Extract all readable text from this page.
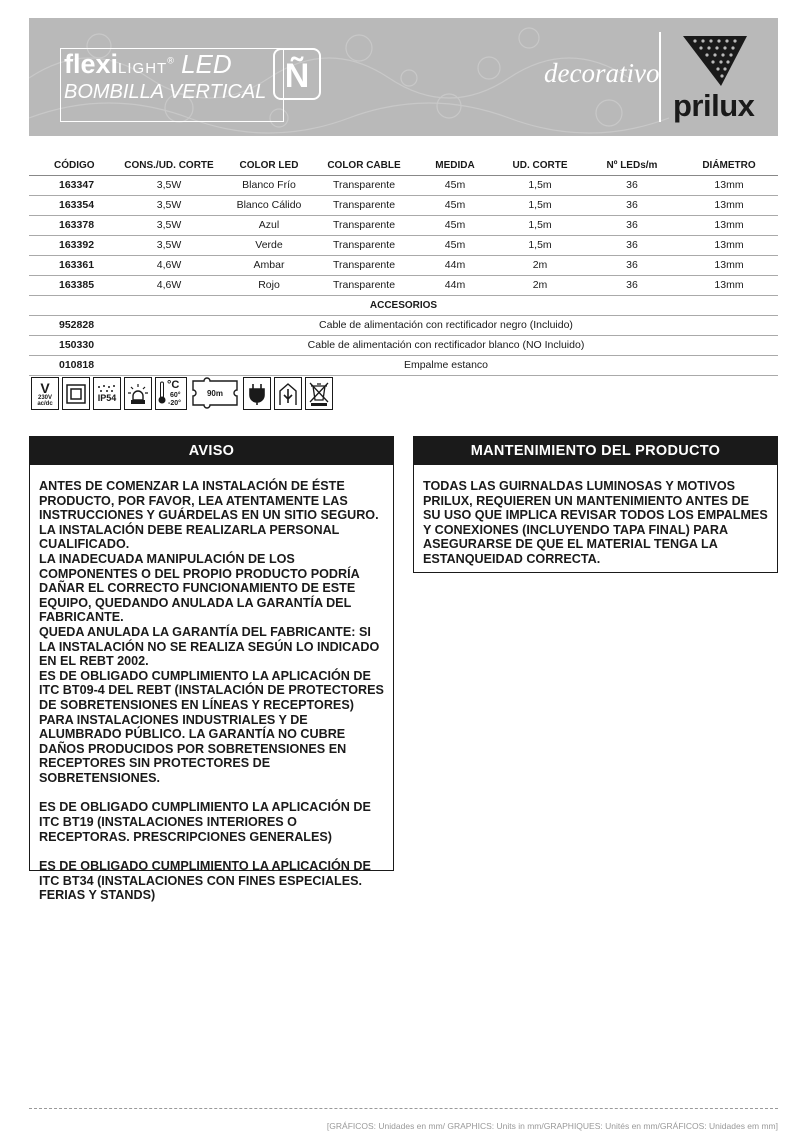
flexiLIGHT® LED
BOMBILLA VERTICAL Ñ	decorativo
prilux
CÓDIGO	CONS./UD. CORTE	COLOR LED	COLOR CABLE	MEDIDA	UD. CORTE	Nº LEDs/m	DIÁMETRO
163347	3,5W	Blanco Frío	Transparente	45m	1,5m	36	13mm
163354	3,5W	Blanco Cálido	Transparente	45m	1,5m	36	13mm
163378	3,5W	Azul	Transparente	45m	1,5m	36	13mm
163392	3,5W	Verde	Transparente	45m	1,5m	36	13mm
163361	4,6W	Ambar	Transparente	44m	2m	36	13mm
163385	4,6W	Rojo	Transparente	44m	2m	36	13mm
ACCESORIOS							
952828	Cable de alimentación con rectificador negro (Incluido)						
150330	Cable de alimentación con rectificador blanco (NO Incluido)						
010818	Empalme estanco						
V
230V
ac/dc
IP54
°C
60°
-20°
90m
AVISO

ANTES DE COMENZAR LA INSTALACIÓN DE ÉSTE PRODUCTO, POR FAVOR, LEA ATENTAMENTE LAS INSTRUCCIONES Y GUÁRDELAS EN UN SITIO SEGURO.

LA INSTALACIÓN DEBE REALIZARLA PERSONAL CUALIFICADO.

LA INADECUADA MANIPULACIÓN DE LOS COMPONENTES O DEL PROPIO PRODUCTO PODRÍA DAÑAR EL CORRECTO FUNCIONAMIENTO DE ESTE EQUIPO, QUEDANDO ANULADA LA GARANTÍA DEL FABRICANTE.

QUEDA ANULADA LA GARANTÍA DEL FABRICANTE: SI LA INSTALACIÓN NO SE REALIZA SEGÚN LO INDICADO EN EL REBT 2002.

ES DE OBLIGADO CUMPLIMIENTO LA APLICACIÓN DE ITC BT09-4 DEL REBT (INSTALACIÓN DE PROTECTORES DE SOBRETENSIONES EN LÍNEAS Y RECEPTORES) PARA INSTALACIONES INDUSTRIALES Y DE ALUMBRADO PÚBLICO. LA GARANTÍA NO CUBRE DAÑOS PRODUCIDOS POR SOBRETENSIONES EN RECEPTORES SIN PROTECTORES DE SOBRETENSIONES.

ES DE OBLIGADO CUMPLIMIENTO LA APLICACIÓN DE ITC BT19 (INSTALACIONES INTERIORES O RECEPTORAS. PRESCRIPCIONES GENERALES)

ES DE OBLIGADO CUMPLIMIENTO LA APLICACIÓN DE ITC BT34 (INSTALACIONES CON FINES ESPECIALES. FERIAS Y STANDS)

MANTENIMIENTO DEL PRODUCTO

TODAS LAS GUIRNALDAS LUMINOSAS Y MOTIVOS PRILUX, REQUIEREN UN MANTENIMIENTO ANTES DE SU USO QUE IMPLICA REVISAR TODOS LOS EMPALMES Y CONEXIONES (INCLUYENDO TAPA FINAL) PARA ASEGURARSE DE QUE EL MATERIAL TENGA LA ESTANQUEIDAD CORRECTA.

[GRÁFICOS: Unidades en mm/ GRAPHICS: Units in mm/GRAPHIQUES: Unités en mm/GRÁFICOS: Unidades em mm]
